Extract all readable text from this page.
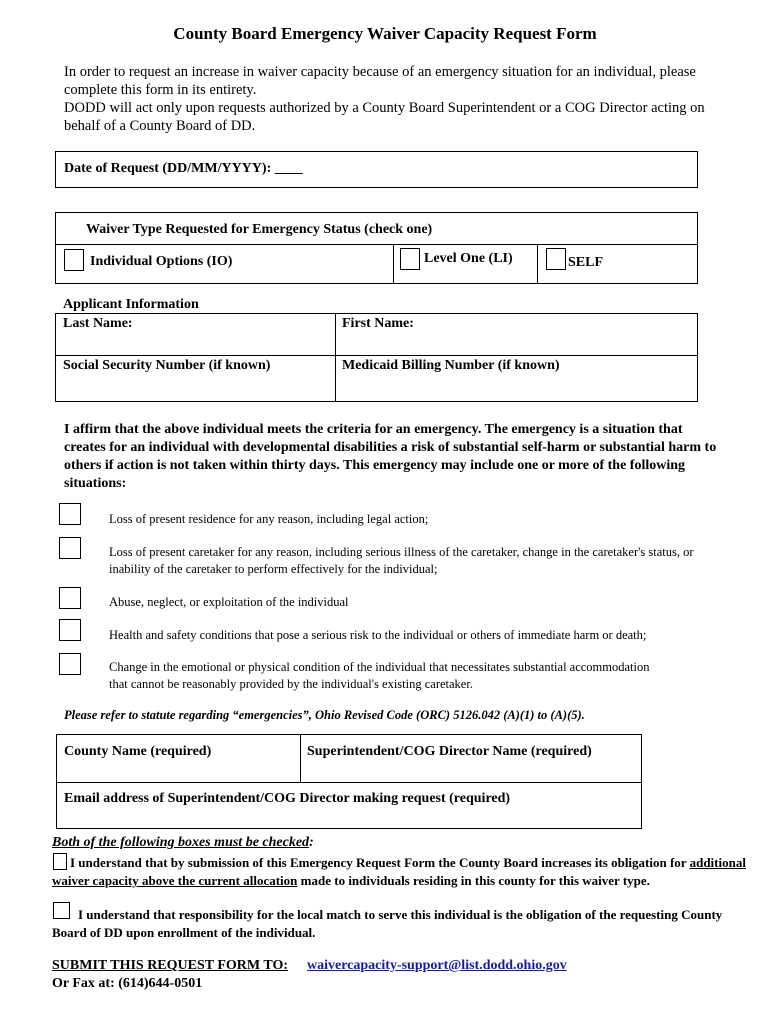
County Board Emergency Waiver Capacity Request Form
In order to request an increase in waiver capacity because of an emergency situation for an individual, please complete this form in its entirety.
DODD will act only upon requests authorized by a County Board Superintendent or a COG Director acting on behalf of a County Board of DD.
Date of Request (DD/MM/YYYY): ____
Waiver Type Requested for Emergency Status (check one)
Individual Options (IO)	Level One (LI)	SELF
Applicant Information
Last Name:	First Name:
Social Security Number (if known)	Medicaid Billing Number (if known)
I affirm that the above individual meets the criteria for an emergency. The emergency is a situation that creates for an individual with developmental disabilities a risk of substantial self-harm or substantial harm to others if action is not taken within thirty days. This emergency may include one or more of the following situations:
Loss of present residence for any reason, including legal action;
Loss of present caretaker for any reason, including serious illness of the caretaker, change in the caretaker's status, or inability of the caretaker to perform effectively for the individual;
Abuse, neglect, or exploitation of the individual
Health and safety conditions that pose a serious risk to the individual or others of immediate harm or death;
Change in the emotional or physical condition of the individual that necessitates substantial accommodation that cannot be reasonably provided by the individual's existing caretaker.
Please refer to statute regarding “emergencies”, Ohio Revised Code (ORC) 5126.042 (A)(1) to (A)(5).
County Name (required)	Superintendent/COG Director Name (required)
Email address of Superintendent/COG Director making request (required)
Both of the following boxes must be checked:
I understand that by submission of this Emergency Request Form the County Board increases its obligation for additional waiver capacity above the current allocation made to individuals residing in this county for this waiver type.
I understand that responsibility for the local match to serve this individual is the obligation of the requesting County Board of DD upon enrollment of the individual.
SUBMIT THIS REQUEST FORM TO: waivercapacity-support@list.dodd.ohio.gov
Or Fax at: (614)644-0501
